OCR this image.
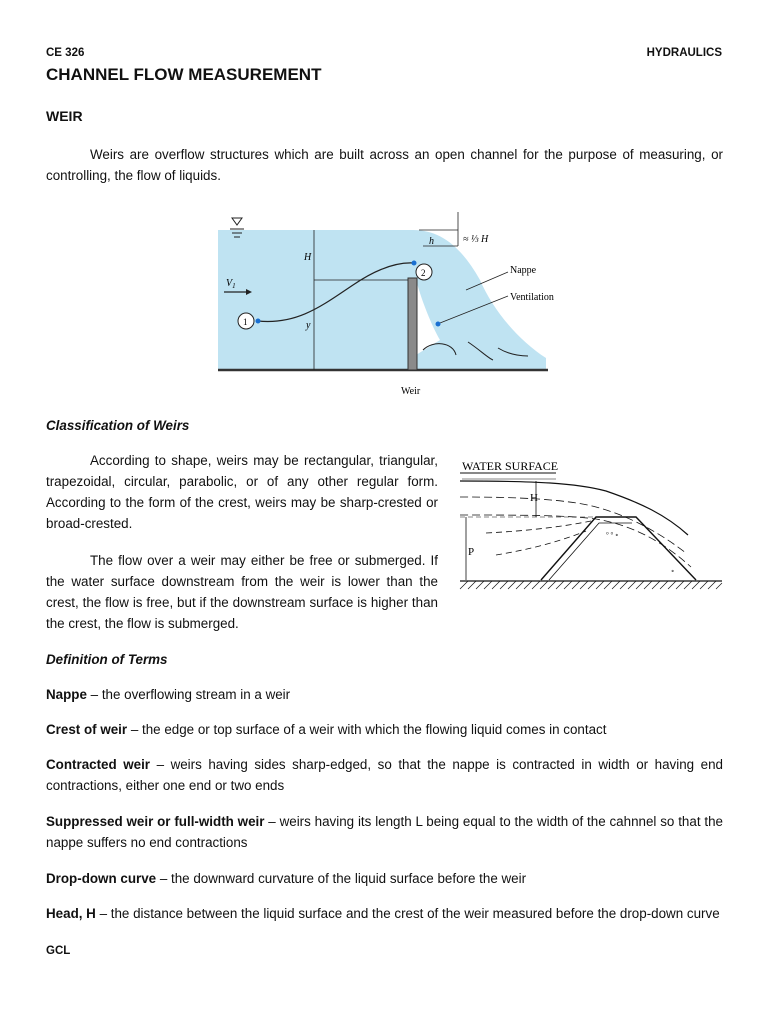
CE 326	HYDRAULICS
CHANNEL FLOW MEASUREMENT
WEIR
Weirs are overflow structures which are built across an open channel for the purpose of measuring, or controlling, the flow of liquids.
h
H
$V_1$
y
1
2
≈ ⅓ H
Nappe
Ventilation
Weir
Classification of Weirs
According to shape, weirs may be rectangular, triangular, trapezoidal, circular, parabolic, or of any other regular form. According to the form of the crest, weirs may be sharp-crested or broad-crested.
The flow over a weir may either be free or submerged. If the water surface downstream from the weir is lower than the crest, the flow is free, but if the downstream surface is higher than the crest, the flow is submerged.
WATER SURFACE
° ° ∘
∘
H
P
Definition of Terms
Nappe – the overflowing stream in a weir
Crest of weir – the edge or top surface of a weir with which the flowing liquid comes in contact
Contracted weir – weirs having sides sharp-edged, so that the nappe is contracted in width or having end contractions, either one end or two ends
Suppressed weir or full-width weir – weirs having its length L being equal to the width of the cahnnel so that the nappe suffers no end contractions
Drop-down curve – the downward curvature of the liquid surface before the weir
Head, H – the distance between the liquid surface and the crest of the weir measured before the drop-down curve
GCL
